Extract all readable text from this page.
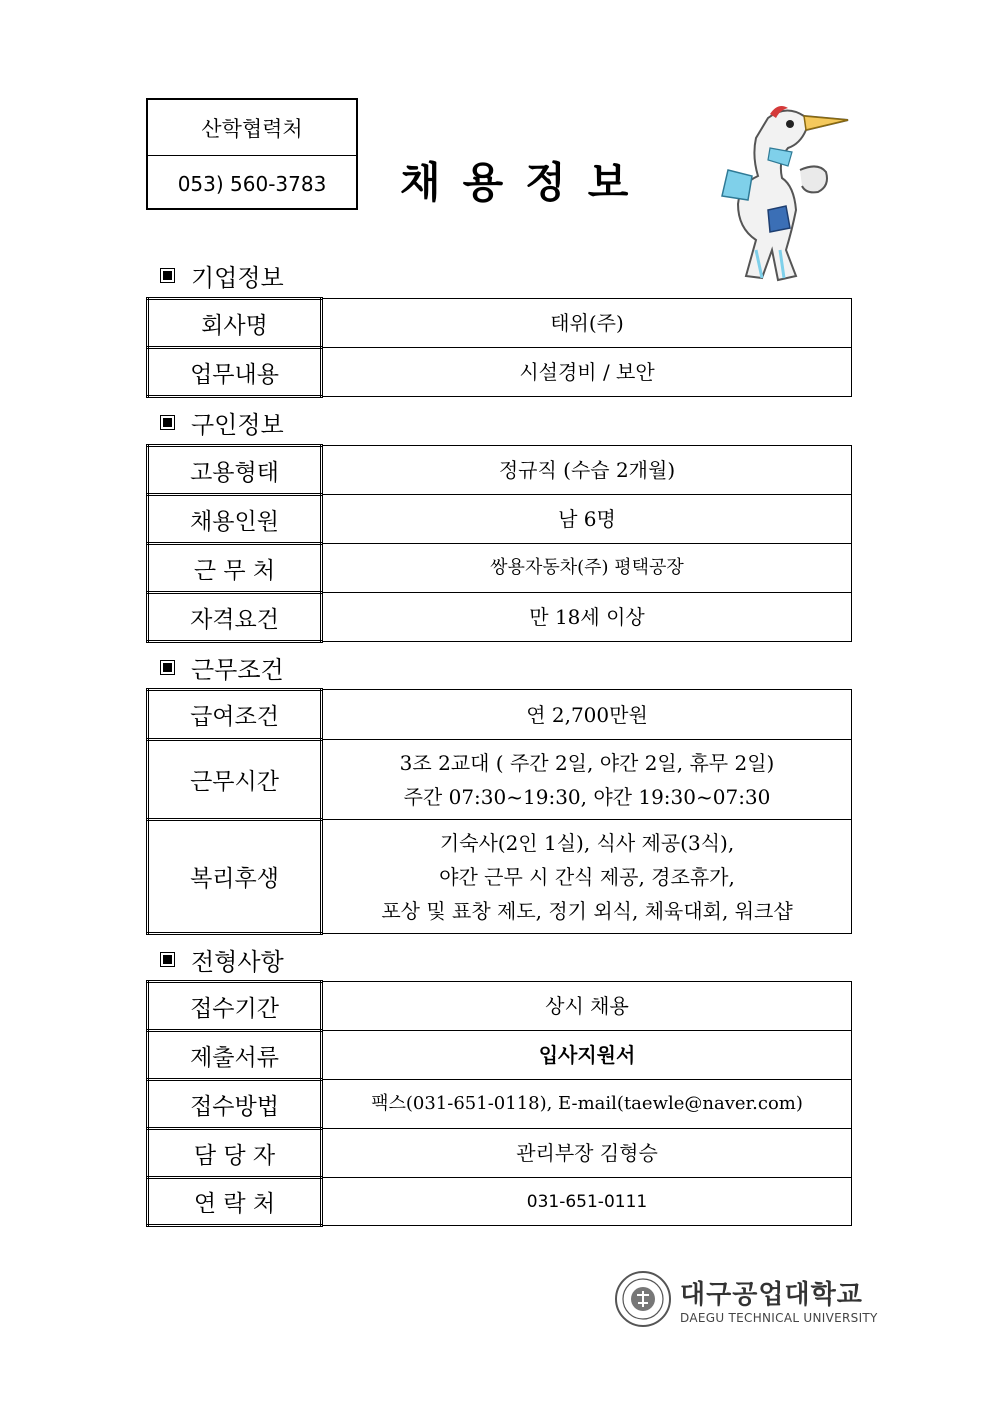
산학협력처
053) 560-3783	채용정보
기업정보
회사명	태위(주)
업무내용	시설경비 / 보안
구인정보
고용형태	정규직 (수습 2개월)
채용인원	남 6명
근 무 처	쌍용자동차(주) 평택공장
자격요건	만 18세 이상
근무조건
급여조건	연 2,700만원
근무시간	3조 2교대 ( 주간 2일, 야간 2일, 휴무 2일)
주간 07:30~19:30, 야간 19:30~07:30

복리후생	기숙사(2인 1실), 식사 제공(3식),
야간 근무 시 간식 제공, 경조휴가,
포상 및 표창 제도, 정기 외식, 체육대회, 워크샵
전형사항
접수기간	상시 채용
제출서류	입사지원서
접수방법	팩스(031-651-0118), E-mail(taewle@naver.com)
담 당 자	관리부장 김형승
연 락 처	031-651-0111
대구공업대학교
DAEGU TECHNICAL UNIVERSITY
